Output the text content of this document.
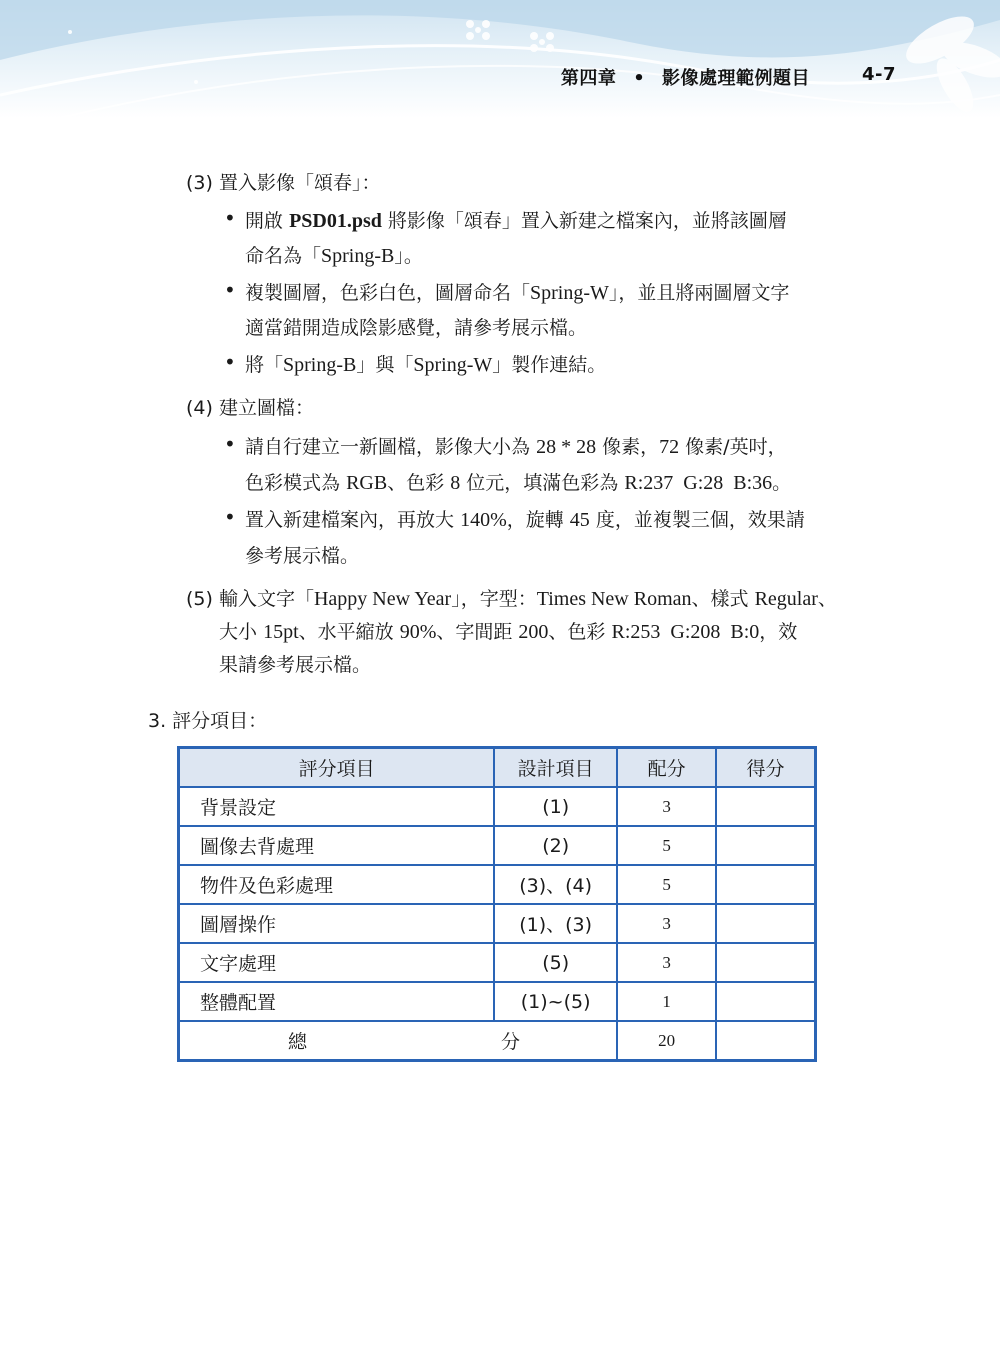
第四章 • 影像處理範例題目	4-7
(3) 置入影像「頌春」：
• 開啟 PSD01.psd 將影像「頌春」置入新建之檔案內，並將該圖層
命名為「Spring-B」。
• 複製圖層，色彩白色，圖層命名「Spring-W」，並且將兩圖層文字
適當錯開造成陰影感覺，請參考展示檔。
• 將「Spring-B」與「Spring-W」製作連結。
(4) 建立圖檔：
• 請自行建立一新圖檔，影像大小為 28 * 28 像素，72 像素/英吋，
色彩模式為 RGB、色彩 8 位元，填滿色彩為 R:237  G:28  B:36。
• 置入新建檔案內，再放大 140%，旋轉 45 度，並複製三個，效果請
參考展示檔。
(5) 輸入文字「Happy New Year」，字型：Times New Roman、樣式 Regular、
大小 15pt、水平縮放 90%、字間距 200、色彩 R:253  G:208  B:0，效
果請參考展示檔。
3. 評分項目：
評分項目	設計項目	配分	得分
背景設定	(1)	3	
圖像去背處理	(2)	5	
物件及色彩處理	(3)、(4)	5	
圖層操作	(1)、(3)	3	
文字處理	(5)	3	
整體配置	(1)~(5)	1	
總 分		20	
